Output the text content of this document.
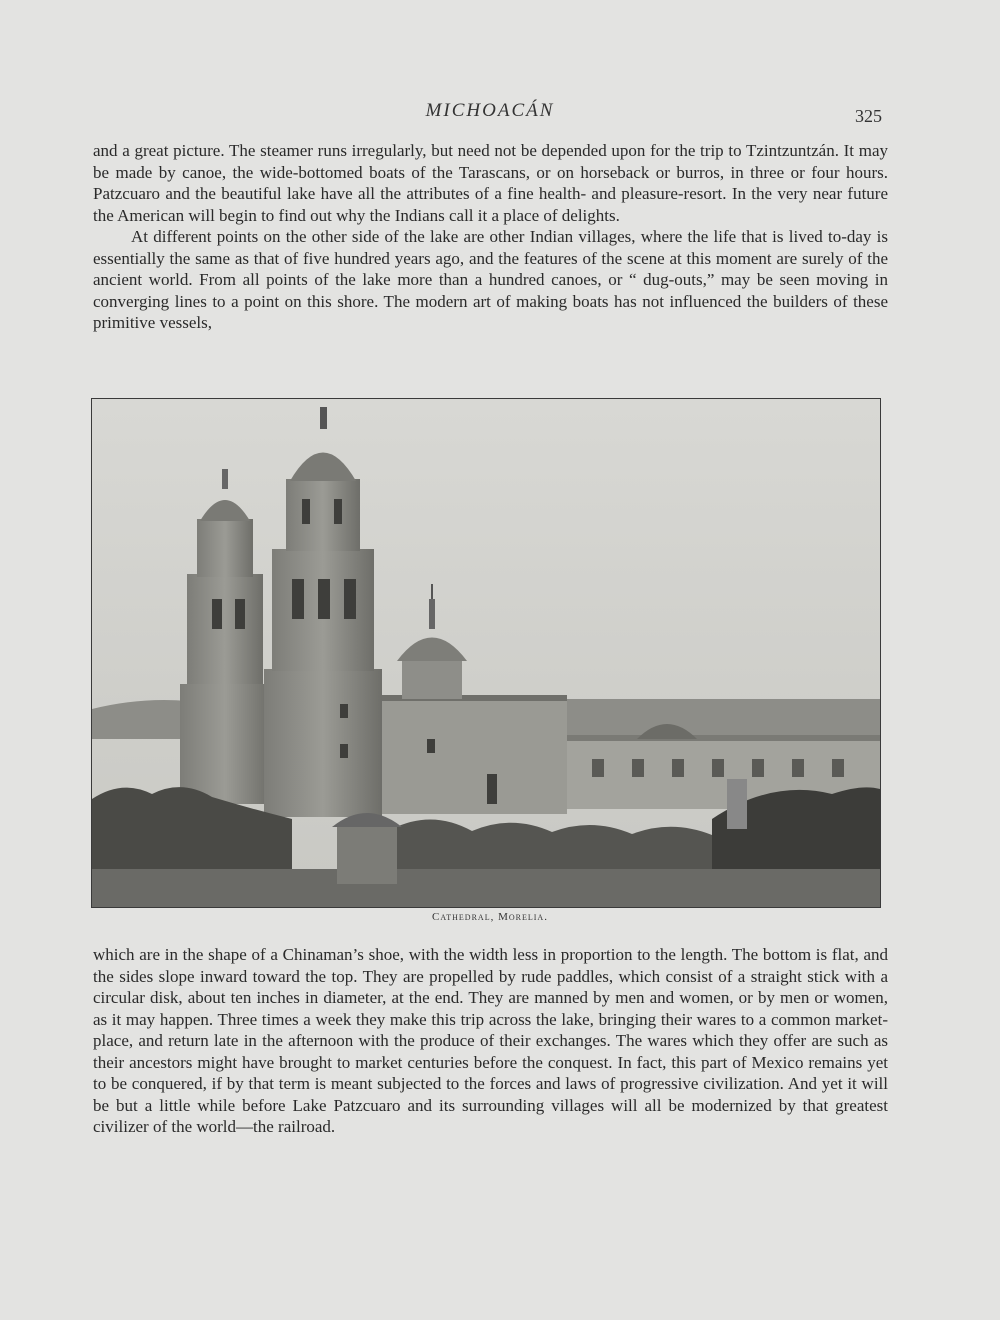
MICHOACÁN	325

and a great picture. The steamer runs irregularly, but need not be depended upon for the trip to Tzintzuntzán. It may be made by canoe, the wide-bottomed boats of the Tarascans, or on horseback or burros, in three or four hours. Patzcuaro and the beautiful lake have all the attributes of a fine health- and pleasure-resort. In the very near future the American will begin to find out why the Indians call it a place of delights.

At different points on the other side of the lake are other Indian villages, where the life that is lived to-day is essentially the same as that of five hundred years ago, and the features of the scene at this moment are surely of the ancient world. From all points of the lake more than a hundred canoes, or “ dug-outs,” may be seen moving in converging lines to a point on this shore. The modern art of making boats has not influenced the builders of these primitive vessels,

Cathedral, Morelia.

which are in the shape of a Chinaman’s shoe, with the width less in proportion to the length. The bottom is flat, and the sides slope inward toward the top. They are propelled by rude paddles, which consist of a straight stick with a circular disk, about ten inches in diameter, at the end. They are manned by men and women, or by men or women, as it may happen. Three times a week they make this trip across the lake, bringing their wares to a common market-place, and return late in the afternoon with the produce of their exchanges. The wares which they offer are such as their ancestors might have brought to market centuries before the conquest. In fact, this part of Mexico remains yet to be conquered, if by that term is meant subjected to the forces and laws of progressive civilization. And yet it will be but a little while before Lake Patzcuaro and its surrounding villages will all be modernized by that greatest civilizer of the world—the railroad.
